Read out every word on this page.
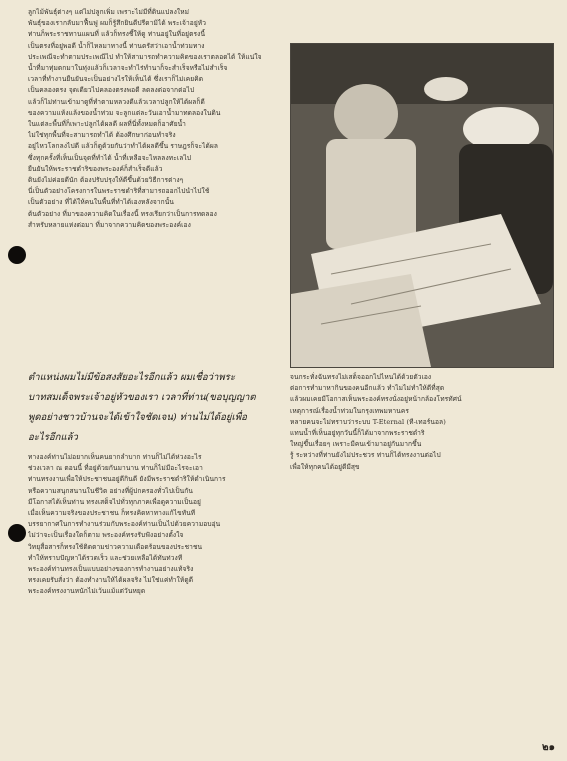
ลูกไม้พันธุ์ต่างๆ แต่ไม่ปลูกเพิ่ม เพราะไม่มีที่ดินแปลงใหม่

พันธุ์ของเรากลับมาฟื้นฟู ผมก็รู้สึกยินดีปรีดามิได้ พระเจ้าอยู่หัว

ท่านก็พระราชทานแผนที่ แล้วก็ทรงชี้ให้ดู ท่านอยู่ในที่อยู่ตรงนี้

เป็นตรงที่อยู่พอดี น้ำก็ไหลมาทางนี้ ท่านตรัสว่าเอาน้ำท่วมทาง

ประเพณีจะทำตามประเพณีไป ทำให้สามารถทำความคิดของเราตลอดได้ ให้แน่ใจ

น้ำที่มาทุ่มตกมาในทุ่งแล้วก็เวลาจะทำไร่ทำนาก็จะสำเร็จหรือไม่สำเร็จ

เวลาที่ทำงานยืนยันจะเป็นอย่างไรให้เห็นได้ ซึ่งเราก็ไม่เคยคิด

เป็นคลองตรง จุดเดียวไปคลองตรงพอดี ลดลงต่อจากต่อไป

แล้วก็ไม่ท่านเข้ามาดูที่ทำตามหลวงดีแล้วเวลาปลูกให้ได้ผลก็ดี

ของความแห้งแล้งของน้ำท่วม จะลูกแต่ละวันเอาน้ำมาทดลองในดิน

ในแต่ละพื้นที่ก็เพาะปลูกได้ผลดี ผลที่นี่ทั้งหมดก็อาศัยน้ำ

ไม่ใช่ทุกพื้นที่จะสามารถทำได้ ต้องศึกษาก่อนทำจริง

อยู่ไหวโลกลงไปดี แล้วก็ดูด้วยกันว่าทำได้ผลดีขึ้น ราษฎรก็จะได้ผล

ซึ่งทุกครั้งที่เห็นเป็นจุดที่ทำได้ น้ำที่เหลือจะไหลลงทะเลไป

ยืนยันให้พระราชดำริของพระองค์ก็สำเร็จดีแล้ว

ดินยังไม่ค่อยดีนัก ต้องปรับปรุงให้ดีขึ้นด้วยวิธีการต่างๆ

นี่เป็นตัวอย่างโครงการในพระราชดำริที่สามารถออกไปนำไปใช้

เป็นตัวอย่าง ที่ได้ให้คนในพื้นที่ทำได้เองหลังจากนั้น

ต้นตัวอย่าง ที่มาของความคิดในเรื่องนี้ ทรงเรียกว่าเป็นการทดลอง

สำหรับหลายแห่งต่อมา ที่มาจากความคิดของพระองค์เอง

ตำแหน่งผมไม่มีข้อสงสัยอะไรอีกแล้ว ผมเชื่อว่าพระ

บาทสมเด็จพระเจ้าอยู่หัวของเรา เวลาที่ท่าน(ขอบุญญาต

พูดอย่างชาวบ้านจะได้เข้าใจชัดเจน) ท่านไม่ได้อยู่เพื่อ

อะไรอีกแล้ว

ทางองค์ท่านไม่อยากเห็นคนยากลำบาก ท่านก็ไม่ได้ห่วงอะไร

ช่วงเวลา ณ ตอนนี้ ที่อยู่ด้วยกันมานาน ท่านก็ไม่มีอะไรจะเอา

ท่านทรงงานเพื่อให้ประชาชนอยู่ดีกินดี ยังมีพระราชดำริให้ดำเนินการ

หรือความสนุกสนานในชีวิต อย่างที่ผู้ปกครองทั่วไปเป็นกัน

มีโอกาสได้เห็นท่าน ทรงเสด็จไปทั่วทุกภาคเพื่อดูความเป็นอยู่

เมื่อเห็นความจริงของประชาชน ก็ทรงคิดหาทางแก้ไขทันที

บรรยากาศในการทำงานร่วมกับพระองค์ท่านเป็นไปด้วยความอบอุ่น

ไม่ว่าจะเป็นเรื่องใดก็ตาม พระองค์ทรงรับฟังอย่างตั้งใจ

วิทยุสื่อสารก็ทรงใช้ติดตามข่าวความเดือดร้อนของประชาชน

ทำให้ทราบปัญหาได้รวดเร็ว และช่วยเหลือได้ทันท่วงที

พระองค์ท่านทรงเป็นแบบอย่างของการทำงานอย่างแท้จริง

ทรงเคยรับสั่งว่า ต้องทำงานให้ได้ผลจริง ไม่ใช่แค่ทำให้ดูดี

พระองค์ทรงงานหนักไม่เว้นแม้แต่วันหยุด

จนกระทั่งฉันทรงไม่เสด็จออกไปไหนได้ด้วยตัวเอง

ต่อการทำมาหากินของคนอีกแล้ว ทำไมไม่ทำให้ดีที่สุด

แล้วผมเคยมีโอกาสเห็นพระองค์ทรงนั่งอยู่หน้ากล้องโทรทัศน์

เหตุการณ์เรื่องน้ำท่วมในกรุงเทพมหานคร

หลายคนจะไม่ทราบว่าระบบ T-Eternal (ที-เทอร์นอล)

แทนน้ำที่เห็นอยู่ทุกวันนี้ก็ได้มาจากพระราชดำริ

ใหญ่ขึ้นเรื่อยๆ เพราะมีคนเข้ามาอยู่กันมากขึ้น

รู้ ระหว่างที่ท่านยังไม่ประชวร ท่านก็ได้ทรงงานต่อไป

เพื่อให้ทุกคนได้อยู่ดีมีสุข

๒๑
